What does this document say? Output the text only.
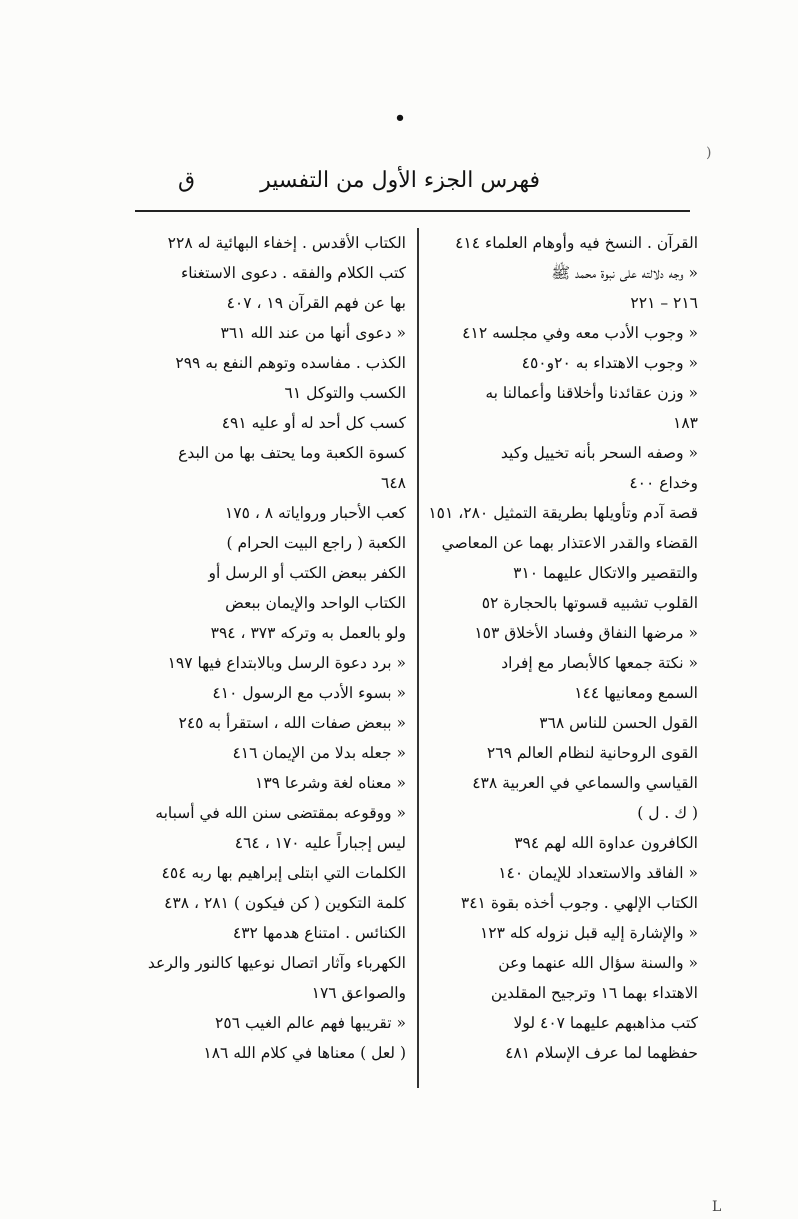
•
(
فهرس الجزء الأول من التفسير
ق
القرآن . النسخ فيه وأوهام العلماء ٤١٤
« وجه دلالته على نبوة محمد ﷺ
٢١٦ – ٢٢١
« وجوب الأدب معه وفي مجلسه ٤١٢
« وجوب الاهتداء به ٢٠و٤٥٠
« وزن عقائدنا وأخلاقنا وأعمالنا به
١٨٣
« وصفه السحر بأنه تخييل وكيد
وخداع ٤٠٠
قصة آدم وتأويلها بطريقة التمثيل ٢٨٠، ١٥١
القضاء والقدر الاعتذار بهما عن المعاصي
والتقصير والاتكال عليهما ٣١٠
القلوب تشبيه قسوتها بالحجارة ٥٢
« مرضها النفاق وفساد الأخلاق ١٥٣
« نكتة جمعها كالأبصار مع إفراد
السمع ومعانيها ١٤٤
القول الحسن للناس ٣٦٨
القوى الروحانية لنظام العالم ٢٦٩
القياسي والسماعي في العربية ٤٣٨
( ك . ل )
الكافرون عداوة الله لهم ٣٩٤
« الفاقد والاستعداد للإيمان ١٤٠
الكتاب الإلهي . وجوب أخذه بقوة ٣٤١
« والإشارة إليه قبل نزوله كله ١٢٣
« والسنة سؤال الله عنهما وعن
الاهتداء بهما ١٦ وترجيح المقلدين
كتب مذاهبهم عليهما ٤٠٧ لولا
حفظهما لما عرف الإسلام ٤٨١
الكتاب الأقدس . إخفاء البهائية له ٢٢٨
كتب الكلام والفقه . دعوى الاستغناء
بها عن فهم القرآن ١٩ ، ٤٠٧
« دعوى أنها من عند الله ٣٦١
الكذب . مفاسده وتوهم النفع به ٢٩٩
الكسب والتوكل ٦١
كسب كل أحد له أو عليه ٤٩١
كسوة الكعبة وما يحتف بها من البدع
٦٤٨
كعب الأحبار ورواياته ٨ ، ١٧٥
الكعبة ( راجع البيت الحرام )
الكفر ببعض الكتب أو الرسل أو
الكتاب الواحد والإيمان ببعض
ولو بالعمل به وتركه ٣٧٣ ، ٣٩٤
« برد دعوة الرسل وبالابتداع فيها ١٩٧
« بسوء الأدب مع الرسول ٤١٠
« ببعض صفات الله ، استقرأ به ٢٤٥
« جعله بدلا من الإيمان ٤١٦
« معناه لغة وشرعا ١٣٩
« ووقوعه بمقتضى سنن الله في أسبابه
ليس إجباراً عليه ١٧٠ ، ٤٦٤
الكلمات التي ابتلى إبراهيم بها ربه ٤٥٤
كلمة التكوين ( كن فيكون ) ٢٨١ ، ٤٣٨
الكنائس . امتناع هدمها ٤٣٢
الكهرباء وآثار اتصال نوعيها كالنور والرعد
والصواعق ١٧٦
« تقريبها فهم عالم الغيب ٢٥٦
( لعل ) معناها في كلام الله ١٨٦
L
